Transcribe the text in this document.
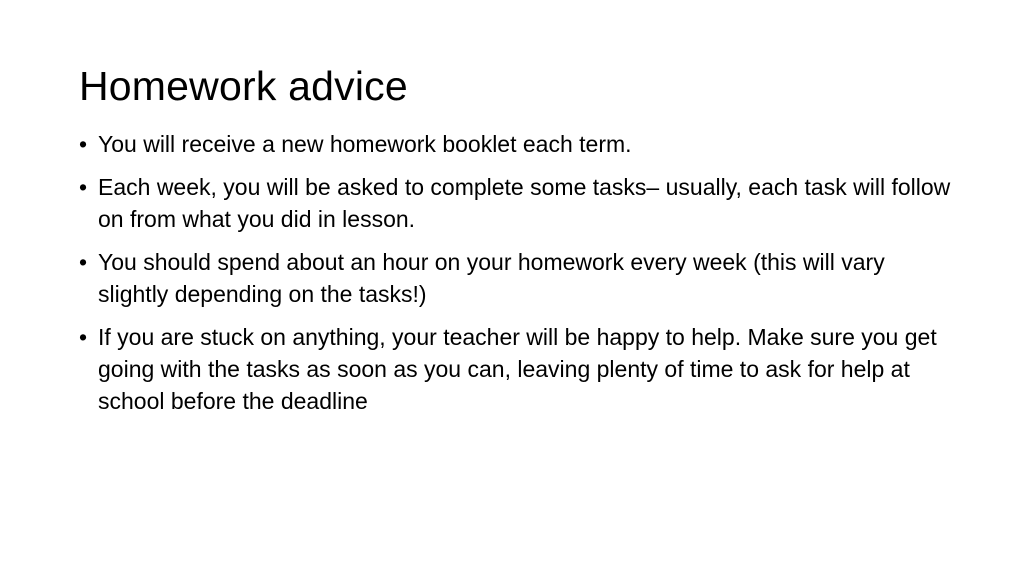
Homework advice
• You will receive a new homework booklet each term.
• Each week, you will be asked to complete some tasks– usually, each task will follow on from what you did in lesson.
• You should spend about an hour on your homework every week (this will vary slightly depending on the tasks!)
• If you are stuck on anything, your teacher will be happy to help. Make sure you get going with the tasks as soon as you can, leaving plenty of time to ask for help at school before the deadline
